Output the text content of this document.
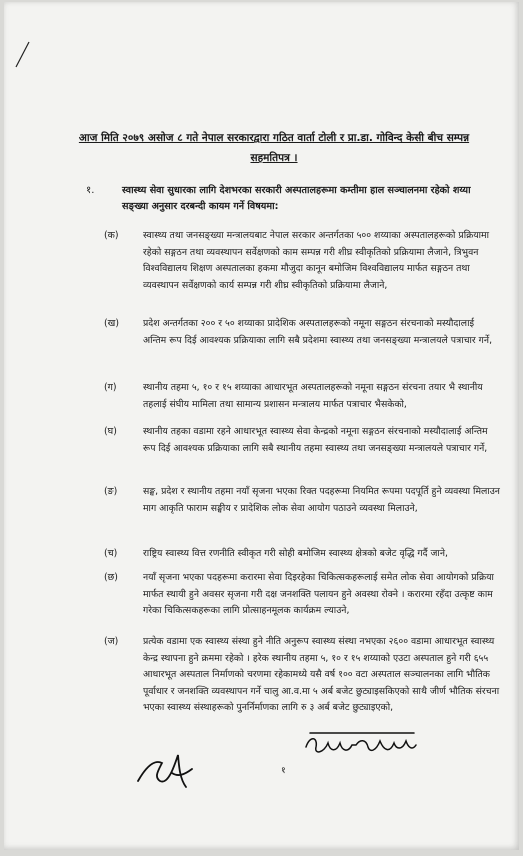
आज मिति २०७९ असोज ८ गते नेपाल सरकारद्वारा गठित वार्ता टोली र प्रा.डा. गोविन्द केसी बीच सम्पन्न सहमतिपत्र ।
१.	स्वास्थ्य सेवा सुधारका लागि देशभरका सरकारी अस्पतालहरूमा कम्तीमा हाल सञ्चालनमा रहेको शय्या सङ्ख्या अनुसार दरबन्दी कायम गर्ने विषयमा:
(क)	स्वास्थ्य तथा जनसङ्ख्या मन्त्रालयबाट नेपाल सरकार अन्तर्गतका ५०० शय्याका अस्पतालहरूको प्रक्रियामा रहेको सङ्गठन तथा व्यवस्थापन सर्वेक्षणको काम सम्पन्न गरी शीघ्र स्वीकृतिको प्रक्रियामा लैजाने, त्रिभुवन विश्वविद्यालय शिक्षण अस्पतालका हकमा मौजुदा कानून बमोजिम विश्वविद्यालय मार्फत सङ्गठन तथा व्यवस्थापन सर्वेक्षणको कार्य सम्पन्न गरी शीघ्र स्वीकृतिको प्रक्रियामा लैजाने,
(ख)	प्रदेश अन्तर्गतका २०० र ५० शय्याका प्रादेशिक अस्पतालहरूको नमूना सङ्गठन संरचनाको मस्यौदालाई अन्तिम रूप दिई आवश्यक प्रक्रियाका लागि सबै प्रदेशमा स्वास्थ्य तथा जनसङ्ख्या मन्त्रालयले पत्राचार गर्ने,
(ग)	स्थानीय तहमा ५, १० र १५ शय्याका आधारभूत अस्पतालहरूको नमूना सङ्गठन संरचना तयार भै स्थानीय तहलाई संघीय मामिला तथा सामान्य प्रशासन मन्त्रालय मार्फत पत्राचार भैसकेको,
(घ)	स्थानीय तहका वडामा रहने आधारभूत स्वास्थ्य सेवा केन्द्रको नमूना सङ्गठन संरचनाको मस्यौदालाई अन्तिम रूप दिई आवश्यक प्रक्रियाका लागि सबै स्थानीय तहमा स्वास्थ्य तथा जनसङ्ख्या मन्त्रालयले पत्राचार गर्ने,
(ङ)	सङ्घ, प्रदेश र स्थानीय तहमा नयाँ सृजना भएका रिक्त पदहरूमा नियमित रूपमा पदपूर्ति हुने व्यवस्था मिलाउन माग आकृति फाराम सङ्घीय र प्रादेशिक लोक सेवा आयोग पठाउने व्यवस्था मिलाउने,
(च)	राष्ट्रिय स्वास्थ्य वित्त रणनीति स्वीकृत गरी सोही बमोजिम स्वास्थ्य क्षेत्रको बजेट वृद्धि गर्दै जाने,
(छ)	नयाँ सृजना भएका पदहरूमा करारमा सेवा दिइरहेका चिकित्सकहरूलाई समेत लोक सेवा आयोगको प्रक्रिया मार्फत स्थायी हुने अवसर सृजना गरी दक्ष जनशक्ति पलायन हुने अवस्था रोक्ने । करारमा रहँदा उत्कृष्ट काम गरेका चिकित्सकहरूका लागि प्रोत्साहनमूलक कार्यक्रम ल्याउने,
(ज)	प्रत्येक वडामा एक स्वास्थ्य संस्था हुने नीति अनुरूप स्वास्थ्य संस्था नभएका २६०० वडामा आधारभूत स्वास्थ्य केन्द्र स्थापना हुने क्रममा रहेको । हरेक स्थानीय तहमा ५, १० र १५ शय्याको एउटा अस्पताल हुने गरी ६५५ आधारभूत अस्पताल निर्माणको चरणमा रहेकामध्ये यसै वर्ष १०० वटा अस्पताल सञ्चालनका लागि भौतिक पूर्वाधार र जनशक्ति व्यवस्थापन गर्ने चालु आ.व.मा ५ अर्ब बजेट छुट्याइसकिएको साथै जीर्ण भौतिक संरचना भएका स्वास्थ्य संस्थाहरूको पुनर्निर्माणका लागि रु ३ अर्ब बजेट छुट्याइएको,
१
